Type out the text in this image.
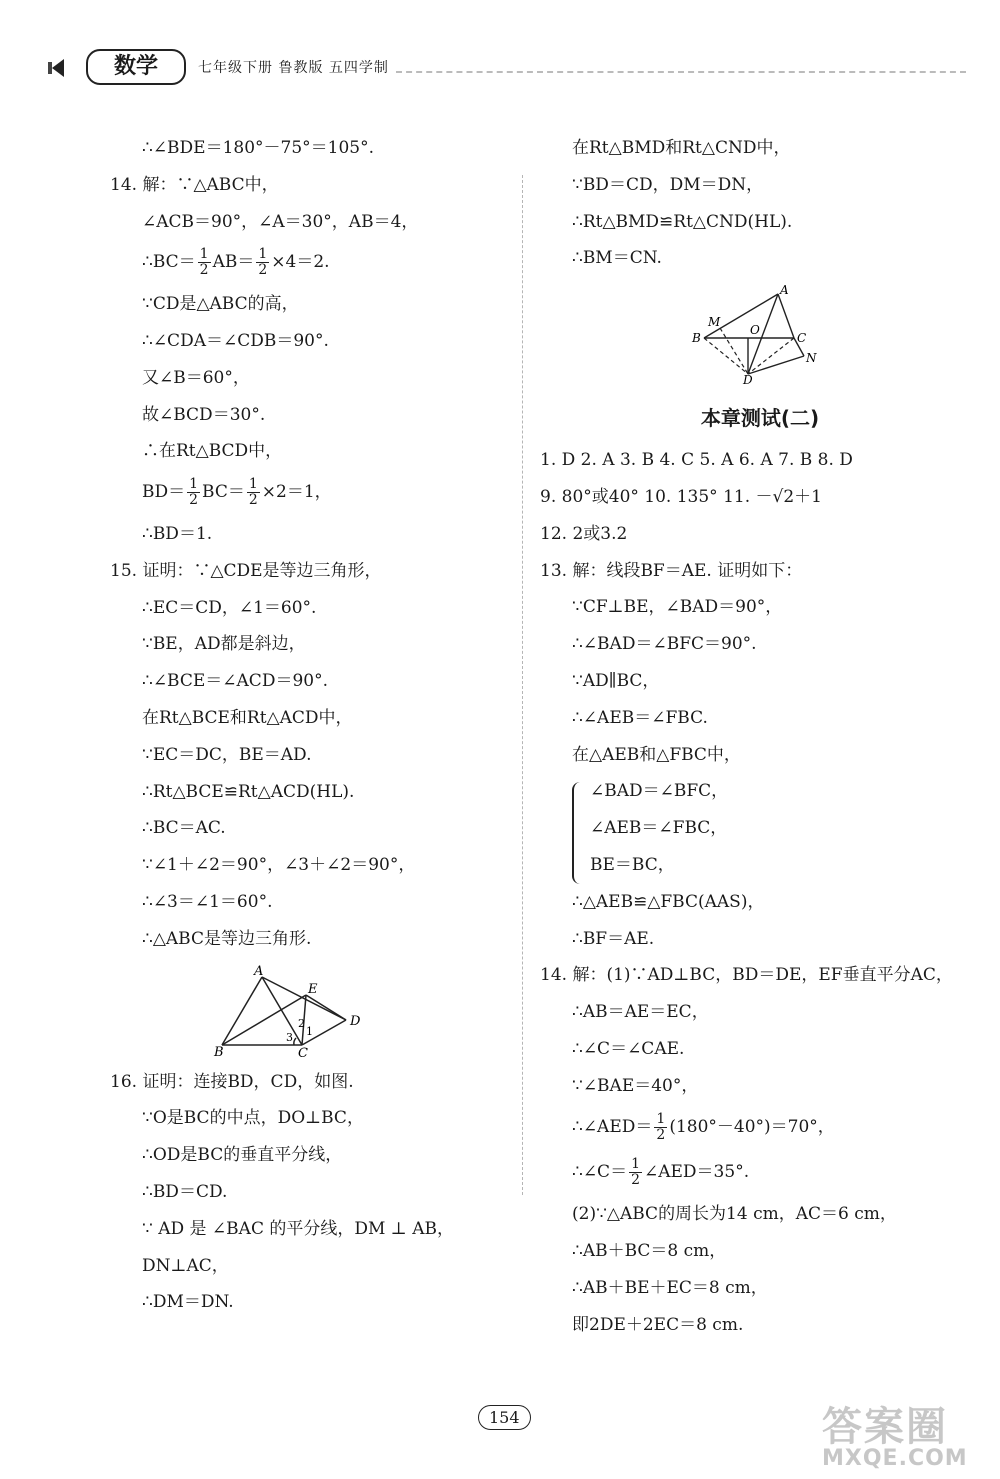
数学	七年级下册 鲁教版 五四学制
∴∠BDE＝180°－75°＝105°.
14. 解：∵△ABC中，
∠ACB＝90°，∠A＝30°，AB＝4，
∴BC＝ $\frac{1}{2} AB= \frac{1}{2} \times 4=2$.
∵CD是△ABC的高，
∴∠CDA＝∠CDB＝90°.
又∠B＝60°，
故∠BCD＝30°.
∴在Rt△BCD中，
$BD= \frac{1}{2} BC= \frac{1}{2} \times 2=1$，
∴BD＝1.
15. 证明：∵△CDE是等边三角形，
∴EC＝CD，∠1＝60°.
∵BE，AD都是斜边，
∴∠BCE＝∠ACD＝90°.
在Rt△BCE和Rt△ACD中，
∵EC＝DC，BE＝AD.
∴Rt△BCE≌Rt△ACD(HL).
∴BC＝AC.
∵∠1＋∠2＝90°，∠3＋∠2＝90°，
∴∠3＝∠1＝60°.
∴△ABC是等边三角形.
A
B	C
D
E
1
2
3
16. 证明：连接BD，CD，如图.
∵O是BC的中点，DO⊥BC，
∴OD是BC的垂直平分线，
∴BD＝CD.
∵ AD 是 ∠BAC 的平分线，DM ⊥ AB，
DN⊥AC，
∴DM＝DN.
在Rt△BMD和Rt△CND中，
∵BD＝CD，DM＝DN，
∴Rt△BMD≌Rt△CND(HL).
∴BM＝CN.
A
B	C
D
M
N
O
本章测试(二)
1. D 2. A 3. B 4. C 5. A 6. A 7. B 8. D
9. 80°或40° 10. 135° 11. －√2＋1
12. 2或3.2
13. 解：线段BF＝AE. 证明如下：
∵CF⊥BE，∠BAD＝90°，
∴∠BAD＝∠BFC＝90°.
∵AD∥BC，
∴∠AEB＝∠FBC.
在△AEB和△FBC中，
∠BAD＝∠BFC，
∠AEB＝∠FBC，
BE＝BC，
∴△AEB≌△FBC(AAS)，
∴BF＝AE.
14. 解：(1)∵AD⊥BC，BD＝DE，EF垂直平分AC，
∴AB＝AE＝EC，
∴∠C＝∠CAE.
∵∠BAE＝40°，
∴∠AED＝ $\frac{1}{2} (180^\circ-40^\circ)=70^\circ$，
∴∠C＝ $\frac{1}{2}$ ∠AED＝35°.
(2)∵△ABC的周长为14 cm，AC＝6 cm，
∴AB＋BC＝8 cm，
∴AB＋BE＋EC＝8 cm，
即2DE＋2EC＝8 cm.
154	答案圈
MXQE.COM
